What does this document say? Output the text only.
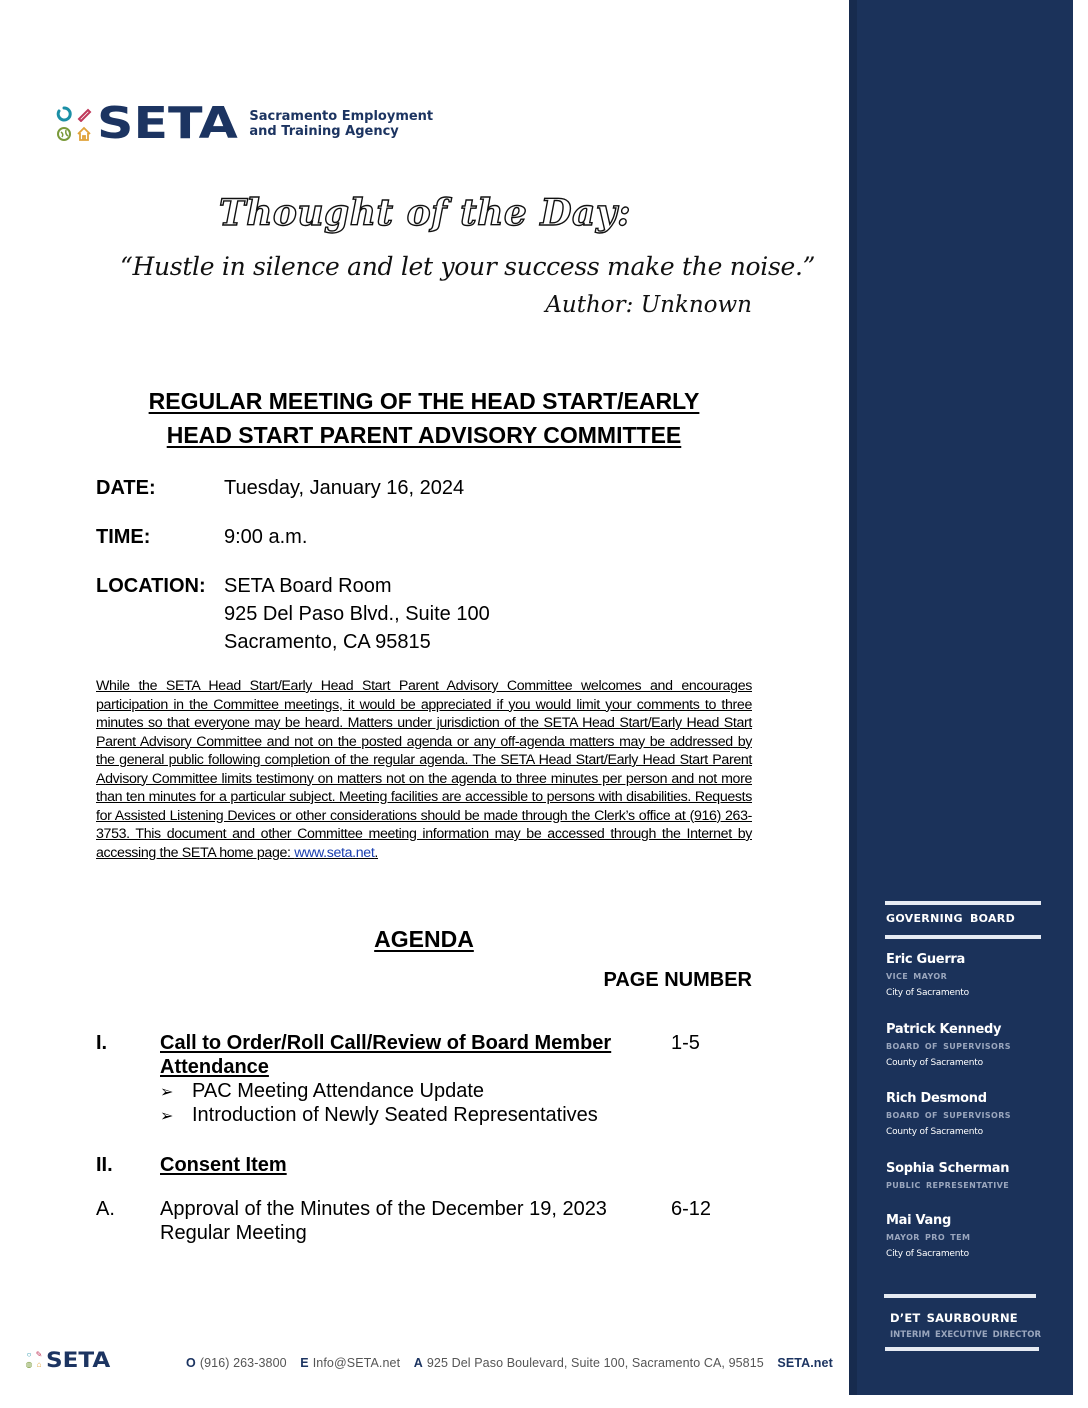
SETA Sacramento Employment
and Training Agency
Thought of the Day:
“Hustle in silence and let your success make the noise.”
Author: Unknown
REGULAR MEETING OF THE HEAD START/EARLY
HEAD START PARENT ADVISORY COMMITTEE
DATE:	Tuesday, January 16, 2024
TIME:	9:00 a.m.
LOCATION: SETA Board Room
925 Del Paso Blvd., Suite 100
Sacramento, CA 95815
While the SETA Head Start/Early Head Start Parent Advisory Committee welcomes and encourages participation in the Committee meetings, it would be appreciated if you would limit your comments to three minutes so that everyone may be heard. Matters under jurisdiction of the SETA Head Start/Early Head Start Parent Advisory Committee and not on the posted agenda or any off-agenda matters may be addressed by the general public following completion of the regular agenda. The SETA Head Start/Early Head Start Parent Advisory Committee limits testimony on matters not on the agenda to three minutes per person and not more than ten minutes for a particular subject. Meeting facilities are accessible to persons with disabilities. Requests for Assisted Listening Devices or other considerations should be made through the Clerk’s office at (916) 263-3753. This document and other Committee meeting information may be accessed through the Internet by accessing the SETA home page: www.seta.net.
AGENDA
PAGE NUMBER
I.	Call to Order/Roll Call/Review of Board Member
Attendance
1-5
➢ PAC Meeting Attendance Update
➢ Introduction of Newly Seated Representatives
II. Consent Item
A. Approval of the Minutes of the December 19, 2023
Regular Meeting
6-12
GOVERNING BOARD
Eric Guerra
VICE MAYOR
City of Sacramento
Patrick Kennedy
BOARD OF SUPERVISORS
County of Sacramento
Rich Desmond
BOARD OF SUPERVISORS
County of Sacramento
Sophia Scherman
PUBLIC REPRESENTATIVE
Mai Vang
MAYOR PRO TEM
City of Sacramento
D’ET SAURBOURNE
INTERIM EXECUTIVE DIRECTOR
○ ✎
◍ ⌂ SETA	O (916) 263-3800 E Info@SETA.net A 925 Del Paso Boulevard, Suite 100, Sacramento CA, 95815 SETA.net
